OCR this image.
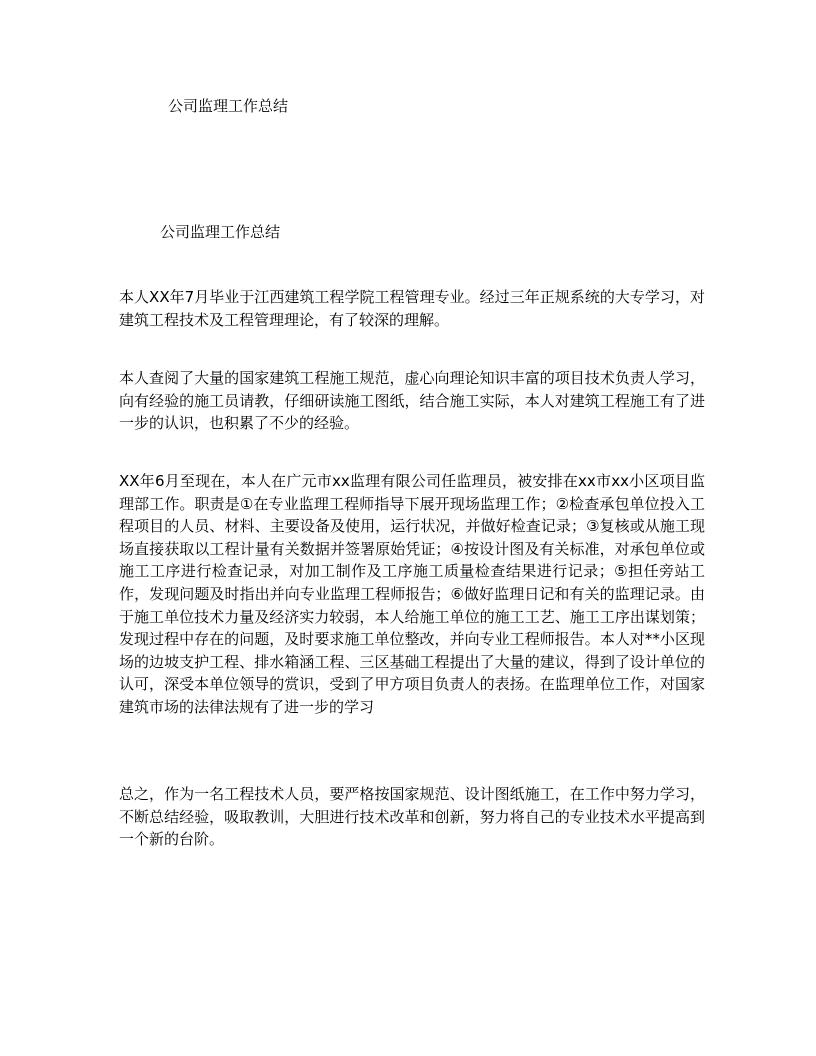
公司监理工作总结
公司监理工作总结

本人XX年7月毕业于江西建筑工程学院工程管理专业。经过三年正规系统的大专学习，对建筑工程技术及工程管理理论，有了较深的理解。

本人查阅了大量的国家建筑工程施工规范，虚心向理论知识丰富的项目技术负责人学习，向有经验的施工员请教，仔细研读施工图纸，结合施工实际，本人对建筑工程施工有了进一步的认识，也积累了不少的经验。

XX年6月至现在，本人在广元市xx监理有限公司任监理员，被安排在xx市xx小区项目监理部工作。职责是①在专业监理工程师指导下展开现场监理工作；②检查承包单位投入工程项目的人员、材料、主要设备及使用，运行状况，并做好检查记录；③复核或从施工现场直接获取以工程计量有关数据并签署原始凭证；④按设计图及有关标准，对承包单位或施工工序进行检查记录，对加工制作及工序施工质量检查结果进行记录；⑤担任旁站工作，发现问题及时指出并向专业监理工程师报告；⑥做好监理日记和有关的监理记录。由于施工单位技术力量及经济实力较弱，本人给施工单位的施工工艺、施工工序出谋划策；发现过程中存在的问题，及时要求施工单位整改，并向专业工程师报告。本人对**小区现场的边坡支护工程、排水箱涵工程、三区基础工程提出了大量的建议，得到了设计单位的认可，深受本单位领导的赏识，受到了甲方项目负责人的表扬。在监理单位工作，对国家建筑市场的法律法规有了进一步的学习

总之，作为一名工程技术人员，要严格按国家规范、设计图纸施工，在工作中努力学习，不断总结经验，吸取教训，大胆进行技术改革和创新，努力将自己的专业技术水平提高到一个新的台阶。
